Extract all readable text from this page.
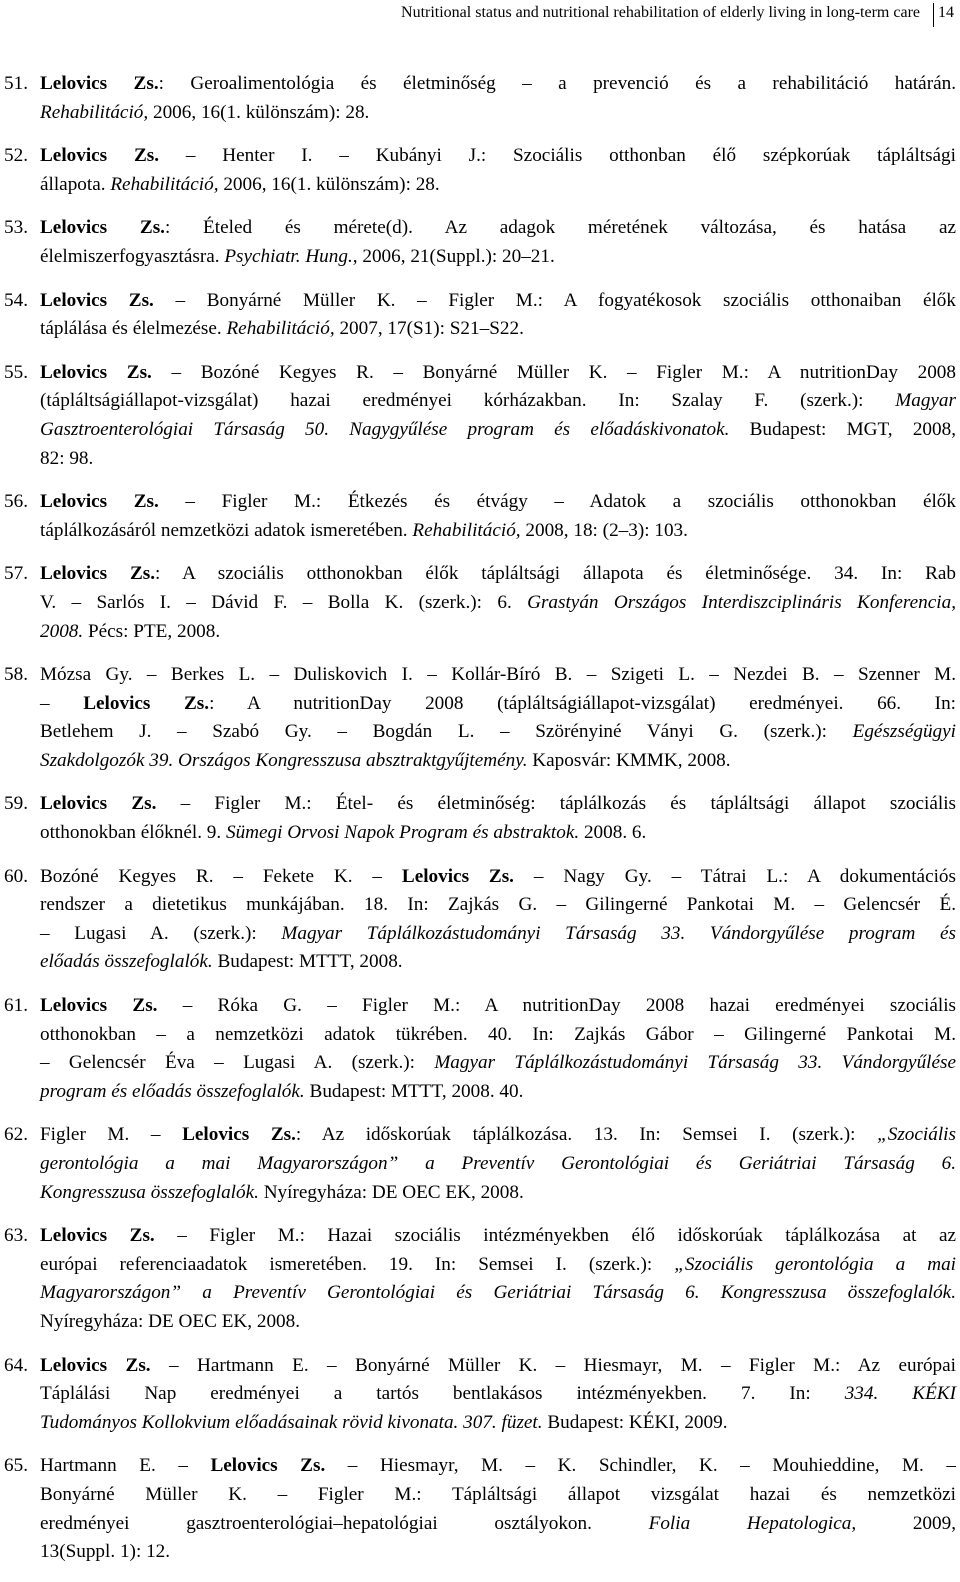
Nutritional status and nutritional rehabilitation of elderly living in long-term care 14
51. Lelovics Zs.: Geroalimentológia és életminőség – a prevenció és a rehabilitáció határán.
Rehabilitáció, 2006, 16(1. különszám): 28.
52. Lelovics Zs. – Henter I. – Kubányi J.: Szociális otthonban élő szépkorúak tápláltsági
állapota. Rehabilitáció, 2006, 16(1. különszám): 28.
53. Lelovics Zs.: Ételed és mérete(d). Az adagok méretének változása, és hatása az
élelmiszerfogyasztásra. Psychiatr. Hung., 2006, 21(Suppl.): 20–21.
54. Lelovics Zs. – Bonyárné Müller K. – Figler M.: A fogyatékosok szociális otthonaiban élők
táplálása és élelmezése. Rehabilitáció, 2007, 17(S1): S21–S22.
55. Lelovics Zs. – Bozóné Kegyes R. – Bonyárné Müller K. – Figler M.: A nutritionDay 2008
(tápláltságiállapot-vizsgálat) hazai eredményei kórházakban. In: Szalay F. (szerk.): Magyar
Gasztroenterológiai Társaság 50. Nagygyűlése program és előadáskivonatok. Budapest: MGT, 2008,
82: 98.
56. Lelovics Zs. – Figler M.: Étkezés és étvágy – Adatok a szociális otthonokban élők
táplálkozásáról nemzetközi adatok ismeretében. Rehabilitáció, 2008, 18: (2–3): 103.
57. Lelovics Zs.: A szociális otthonokban élők tápláltsági állapota és életminősége. 34. In: Rab
V. – Sarlós I. – Dávid F. – Bolla K. (szerk.): 6. Grastyán Országos Interdiszciplináris Konferencia,
2008. Pécs: PTE, 2008.
58. Mózsa Gy. – Berkes L. – Duliskovich I. – Kollár-Bíró B. – Szigeti L. – Nezdei B. – Szenner M.
– Lelovics Zs.: A nutritionDay 2008 (tápláltságiállapot-vizsgálat) eredményei. 66. In:
Betlehem J. – Szabó Gy. – Bogdán L. – Szörényiné Ványi G. (szerk.): Egészségügyi
Szakdolgozók 39. Országos Kongresszusa absztraktgyűjtemény. Kaposvár: KMMK, 2008.
59. Lelovics Zs. – Figler M.: Étel- és életminőség: táplálkozás és tápláltsági állapot szociális
otthonokban élőknél. 9. Sümegi Orvosi Napok Program és abstraktok. 2008. 6.
60. Bozóné Kegyes R. – Fekete K. – Lelovics Zs. – Nagy Gy. – Tátrai L.: A dokumentációs
rendszer a dietetikus munkájában. 18. In: Zajkás G. – Gilingerné Pankotai M. – Gelencsér É.
– Lugasi A. (szerk.): Magyar Táplálkozástudományi Társaság 33. Vándorgyűlése program és
előadás összefoglalók. Budapest: MTTT, 2008.
61. Lelovics Zs. – Róka G. – Figler M.: A nutritionDay 2008 hazai eredményei szociális
otthonokban – a nemzetközi adatok tükrében. 40. In: Zajkás Gábor – Gilingerné Pankotai M.
– Gelencsér Éva – Lugasi A. (szerk.): Magyar Táplálkozástudományi Társaság 33. Vándorgyűlése
program és előadás összefoglalók. Budapest: MTTT, 2008. 40.
62. Figler M. – Lelovics Zs.: Az időskorúak táplálkozása. 13. In: Semsei I. (szerk.): „Szociális
gerontológia a mai Magyarországon” a Preventív Gerontológiai és Geriátriai Társaság 6.
Kongresszusa összefoglalók. Nyíregyháza: DE OEC EK, 2008.
63. Lelovics Zs. – Figler M.: Hazai szociális intézményekben élő időskorúak táplálkozása at az
európai referenciaadatok ismeretében. 19. In: Semsei I. (szerk.): „Szociális gerontológia a mai
Magyarországon” a Preventív Gerontológiai és Geriátriai Társaság 6. Kongresszusa összefoglalók.
Nyíregyháza: DE OEC EK, 2008.
64. Lelovics Zs. – Hartmann E. – Bonyárné Müller K. – Hiesmayr, M. – Figler M.: Az európai
Táplálási Nap eredményei a tartós bentlakásos intézményekben. 7. In: 334. KÉKI
Tudományos Kollokvium előadásainak rövid kivonata. 307. füzet. Budapest: KÉKI, 2009.
65. Hartmann E. – Lelovics Zs. – Hiesmayr, M. – K. Schindler, K. – Mouhieddine, M. –
Bonyárné Müller K. – Figler M.: Tápláltsági állapot vizsgálat hazai és nemzetközi
eredményei gasztroenterológiai–hepatológiai osztályokon. Folia Hepatologica, 2009,
13(Suppl. 1): 12.
